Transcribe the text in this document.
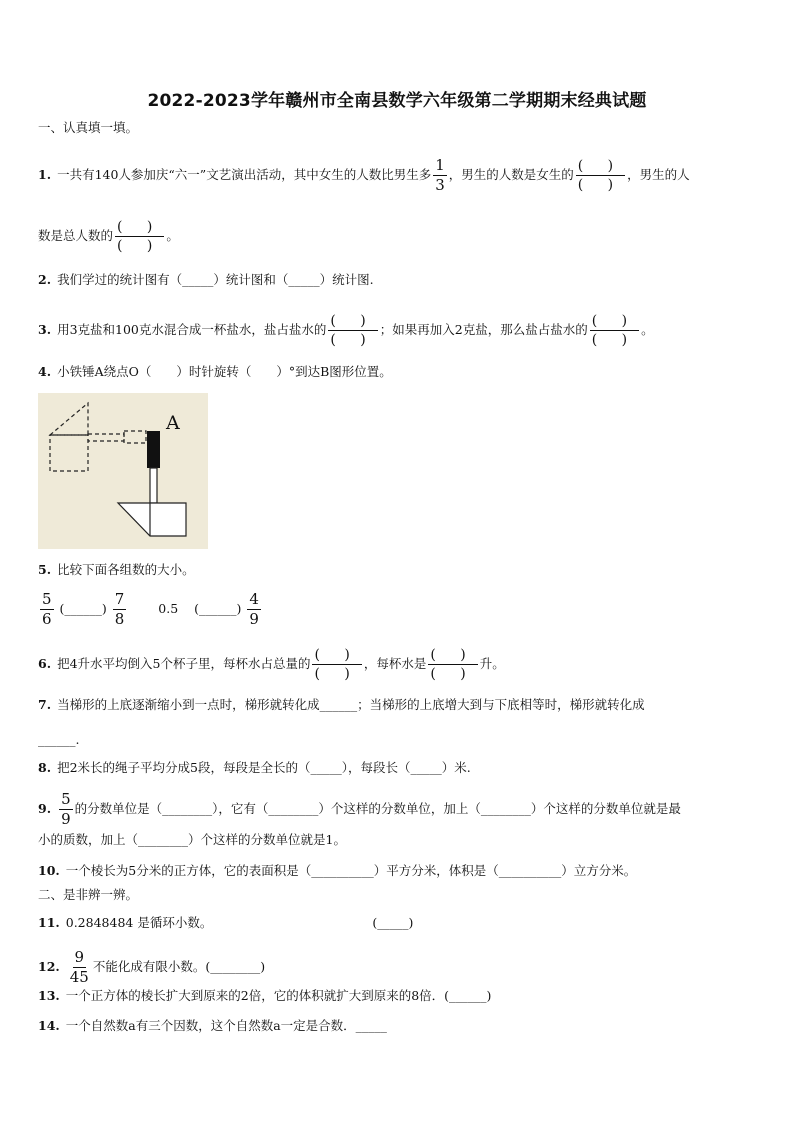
2022-2023学年赣州市全南县数学六年级第二学期期末经典试题
一、认真填一填。
1. 一共有140人参加庆“六一”文艺演出活动，其中女生的人数比男生多 $\frac{1}{3}$ ，男生的人数是女生的 $\frac{( )}{( )}$ ，男生的人
数是总人数的 $\frac{( )}{( )}$ 。
2. 我们学过的统计图有（_____）统计图和（_____）统计图.
3. 用3克盐和100克水混合成一杯盐水，盐占盐水的 $\frac{( )}{( )}$ ；如果再加入2克盐，那么盐占盐水的 $\frac{( )}{( )}$ 。
4. 小铁锤A绕点O（　　）时针旋转（　　）°到达B图形位置。
A
5. 比较下面各组数的大小。
$\frac{5}{6}$ (______) $\frac{7}{8}$	0.5 (______) $\frac{4}{9}$
6. 把4升水平均倒入5个杯子里，每杯水占总量的 $\frac{( )}{( )}$ ，每杯水是 $\frac{( )}{( )}$ 升。
7. 当梯形的上底逐渐缩小到一点时，梯形就转化成______；当梯形的上底增大到与下底相等时，梯形就转化成
______.
8. 把2米长的绳子平均分成5段，每段是全长的（_____），每段长（_____）米.
9. $\frac{5}{9}$ 的分数单位是（________），它有（________）个这样的分数单位，加上（________）个这样的分数单位就是最
小的质数，加上（________）个这样的分数单位就是1。
10. 一个棱长为5分米的正方体，它的表面积是（__________）平方分米，体积是（__________）立方分米。
二、是非辨一辨。
11. 0.2848484 是循环小数。	(_____)
12. $\frac{9}{45}$ 不能化成有限小数。(________)
13. 一个正方体的棱长扩大到原来的2倍，它的体积就扩大到原来的8倍．(______)
14. 一个自然数a有三个因数，这个自然数a一定是合数．_____
